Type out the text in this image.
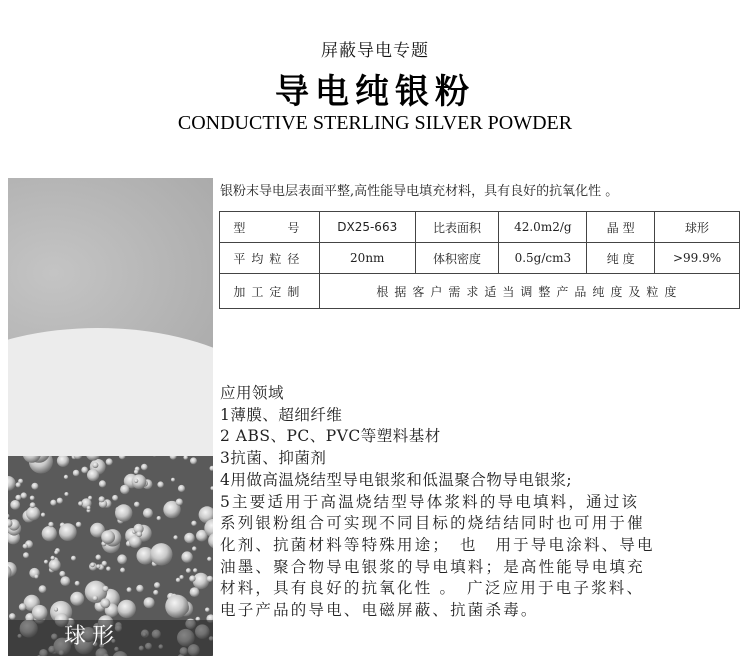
屏蔽导电专题
导电纯银粉
CONDUCTIVE STERLING SILVER POWDER
球形
银粉末导电层表面平整,高性能导电填充材料，具有良好的抗氧化性 。
型　　号	DX25-663	比表面积	42.0m2/g	晶 型	球形
平均粒径	20nm	体积密度	0.5g/cm3	纯 度	>99.9%
加工定制	根据客户需求适当调整产品纯度及粒度				
应用领域
1薄膜、超细纤维
2 ABS、PC、PVC等塑料基材
3抗菌、抑菌剂
4用做高温烧结型导电银浆和低温聚合物导电银浆;
5主要适用于高温烧结型导体浆料的导电填料，通过该
系列银粉组合可实现不同目标的烧结结同时也可用于催
化剂、抗菌材料等特殊用途；　也　用于导电涂料、导电
油墨、聚合物导电银浆的导电填料；是高性能导电填充
材料，具有良好的抗氧化性 。　广泛应用于电子浆料、
电子产品的导电、电磁屏蔽、抗菌杀毒。
